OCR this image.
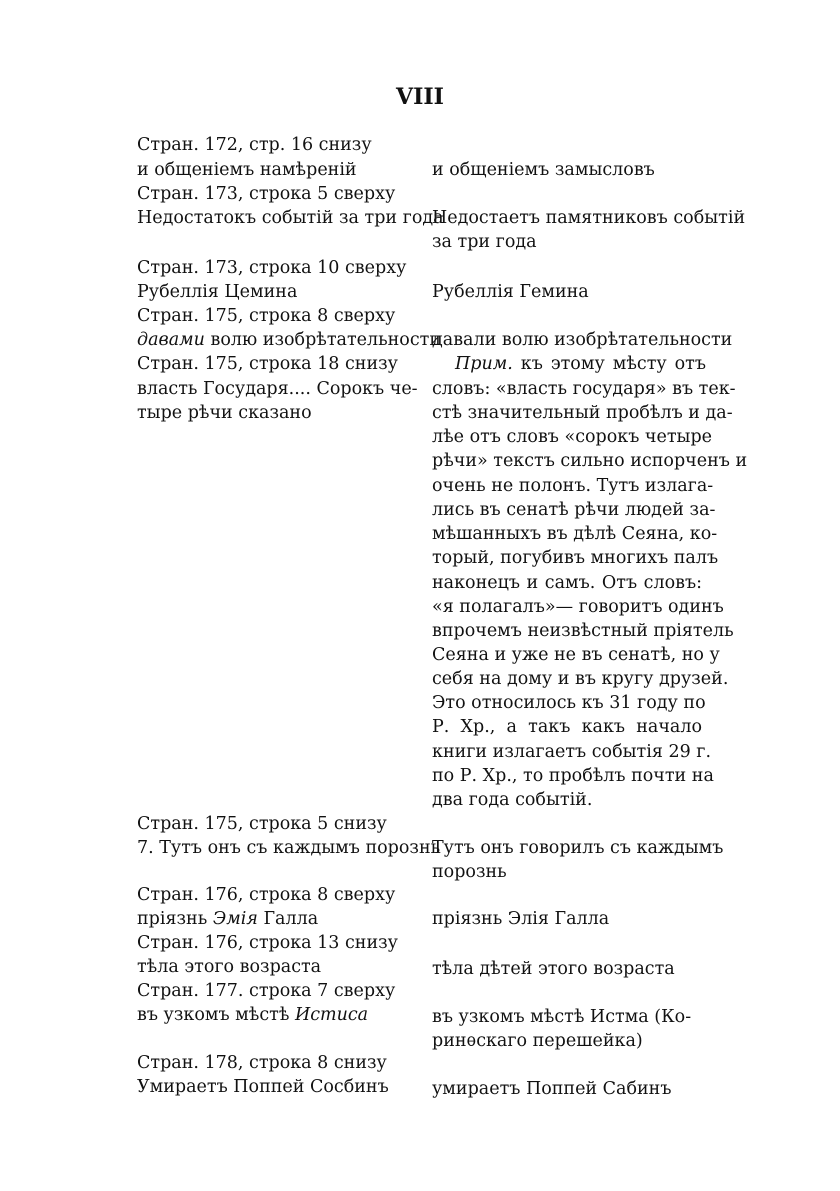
VIII
Стран. 172, стр. 16 снизу
и общеніемъ намѣреній
Стран. 173, строка 5 сверху
Недостатокъ событій за три года
Стран. 173, строка 10 сверху
Рубеллія Цемина
Стран. 175, строка 8 сверху
давами волю изобрѣтательности
Стран. 175, строка 18 снизу
власть Государя.... Сорокъ че-
тыре рѣчи сказано
Стран. 175, строка 5 снизу
7. Тутъ онъ съ каждымъ порознь
Стран. 176, строка 8 сверху
пріязнь Эмія Галла
Стран. 176, строка 13 снизу
тѣла этого возраста
Стран. 177. строка 7 сверху
въ узкомъ мѣстѣ Истиса
Стран. 178, строка 8 снизу
Умираетъ Поппей Сосбинъ
и общеніемъ замысловъ
Недостаетъ памятниковъ событій
за три года
Рубеллія Гемина
давали волю изобрѣтательности
Прим. къ этому мѣсту отъ
словъ: «власть государя» въ тек-
стѣ значительный пробѣлъ и да-
лѣе отъ словъ «сорокъ четыре
рѣчи» текстъ сильно испорченъ и
очень не полонъ. Тутъ излага-
лись въ сенатѣ рѣчи людей за-
мѣшанныхъ въ дѣлѣ Сеяна, ко-
торый, погубивъ многихъ палъ
наконецъ и самъ. Отъ словъ:
«я полагалъ»— говоритъ одинъ
впрочемъ неизвѣстный пріятель
Сеяна и уже не въ сенатѣ, но у
себя на дому и въ кругу друзей.
Это относилось къ 31 году по
Р. Хр., а такъ какъ начало
книги излагаетъ событія 29 г.
по Р. Хр., то пробѣлъ почти на
два года событій.
Тутъ онъ говорилъ съ каждымъ
порознь
пріязнь Элія Галла
тѣла дѣтей этого возраста
въ узкомъ мѣстѣ Истма (Ко-
ринѳскаго перешейка)
умираетъ Поппей Сабинъ
